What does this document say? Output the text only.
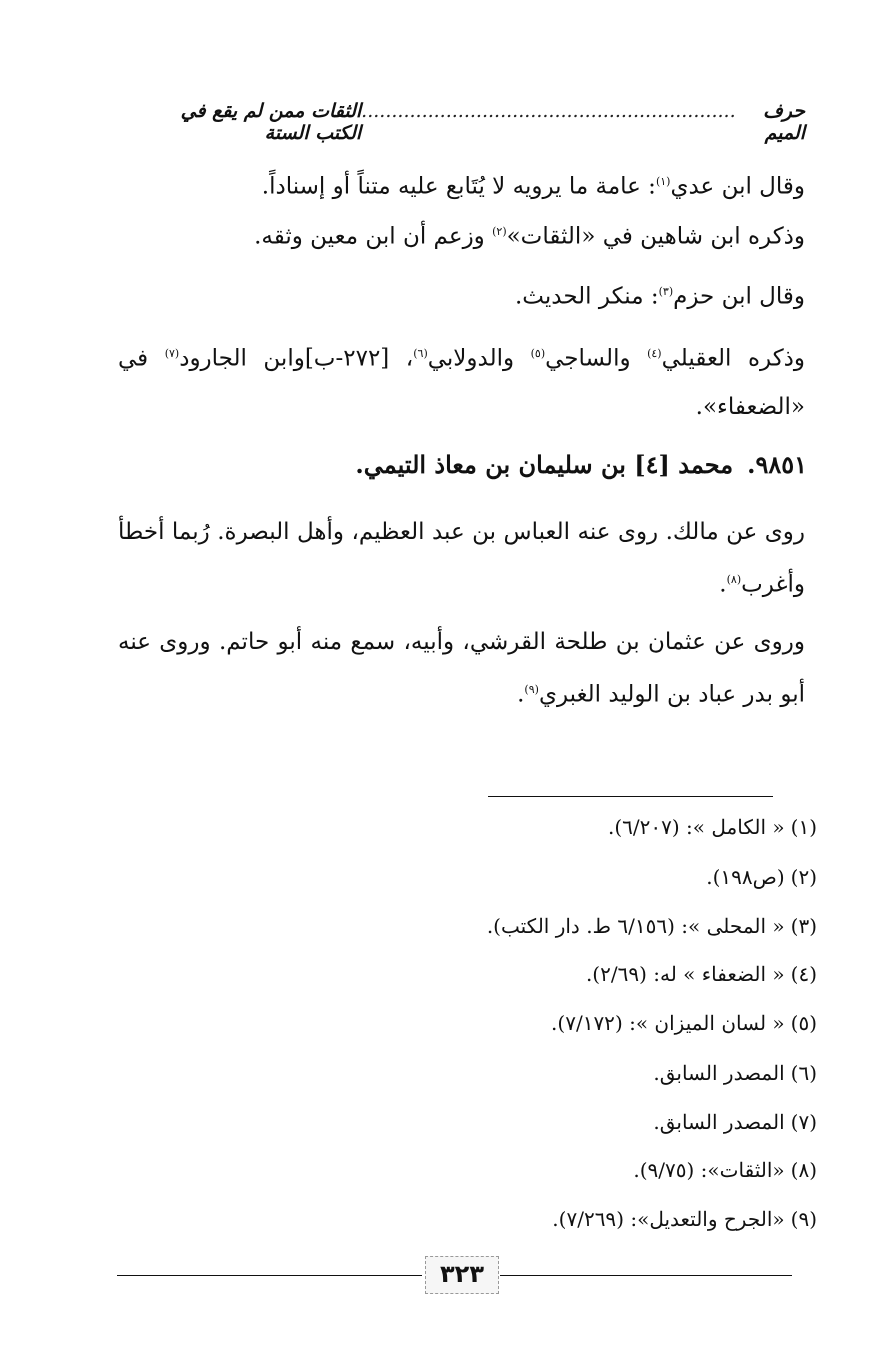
حرف الميم
..............................................................
الثقات ممن لم يقع في الكتب الستة
وقال ابن عدي$^{(١)}$: عامة ما يرويه لا يُتَابع عليه متناً أو إسناداً.
وذكره ابن شاهين في «الثقات»$^{(٢)}$ وزعم أن ابن معين وثقه.
وقال ابن حزم$^{(٣)}$: منكر الحديث.
وذكره العقيلي$^{(٤)}$ والساجي$^{(٥)}$ والدولابي$^{(٦)}$، [٢٧٢-ب]وابن الجارود$^{(٧)}$ في «الضعفاء».
٩٨٥١.محمد [٤] بن سليمان بن معاذ التيمي.
روى عن مالك. روى عنه العباس بن عبد العظيم، وأهل البصرة. رُبما أخطأ وأغرب$^{(٨)}$.
وروى عن عثمان بن طلحة القرشي، وأبيه، سمع منه أبو حاتم. وروى عنه أبو بدر عباد بن الوليد الغبري$^{(٩)}$.
(١)« الكامل »: (٦/٢٠٧).
(٢)(ص١٩٨).
(٣)« المحلى »: (٦/١٥٦ ط. دار الكتب).
(٤)« الضعفاء » له: (٢/٦٩).
(٥)« لسان الميزان »: (٧/١٧٢).
(٦)المصدر السابق.
(٧)المصدر السابق.
(٨)«الثقات»: (٩/٧٥).
(٩)«الجرح والتعديل»: (٧/٢٦٩).
٣٢٣
